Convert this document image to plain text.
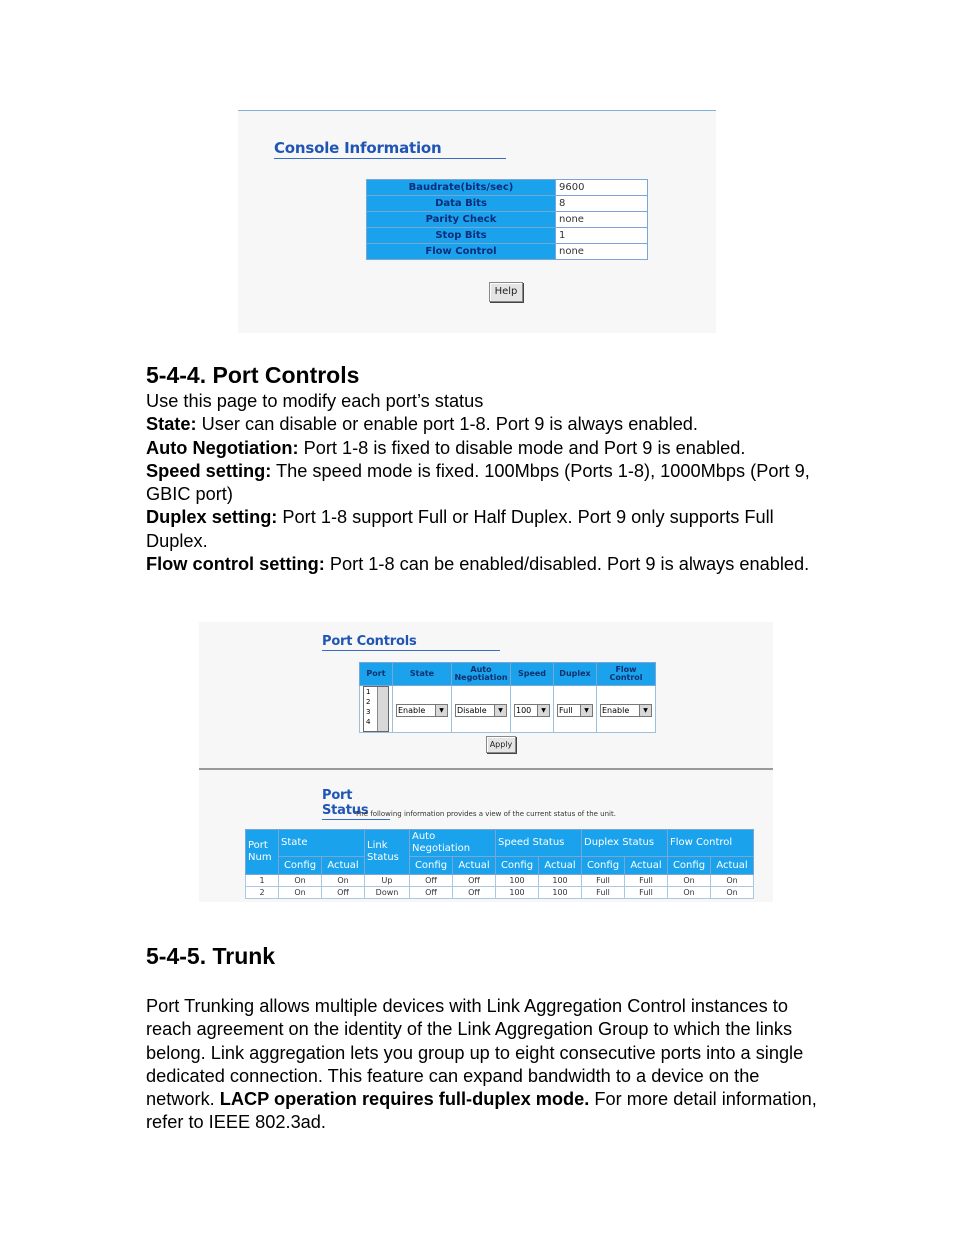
Console Information
Baudrate(bits/sec)	9600
Data Bits	8
Parity Check	none
Stop Bits	1
Flow Control	none
Help
5-4-4. Port Controls
Use this page to modify each port’s status
State: User can disable or enable port 1-8. Port 9 is always enabled.
Auto Negotiation: Port 1-8 is fixed to disable mode and Port 9 is enabled.
Speed setting: The speed mode is fixed. 100Mbps (Ports 1-8), 1000Mbps (Port 9, GBIC port)
Duplex setting: Port 1-8 support Full or Half Duplex. Port 9 only supports Full Duplex.
Flow control setting: Port 1-8 can be enabled/disabled. Port 9 is always enabled.
Port Controls
Port	State	Auto Negotiation	Speed	Duplex	Flow Control

1
2
3
4	Enable ▼	Disable ▼	100 ▼	Full ▼	Enable ▼
Apply
Port Status
The following information provides a view of the current status of the unit.
Port Num	State		Link Status	Auto Negotiation		Speed Status		Duplex Status		Flow Control	
	Config	Actual		Config	Actual	Config	Actual	Config	Actual	Config	Actual
1	On	On	Up	Off	Off	100	100	Full	Full	On	On
2	On	Off	Down	Off	Off	100	100	Full	Full	On	On
5-4-5. Trunk

Port Trunking allows multiple devices with Link Aggregation Control instances to reach agreement on the identity of the Link Aggregation Group to which the links belong. Link aggregation lets you group up to eight consecutive ports into a single dedicated connection. This feature can expand bandwidth to a device on the network. LACP operation requires full-duplex mode. For more detail information, refer to IEEE 802.3ad.
